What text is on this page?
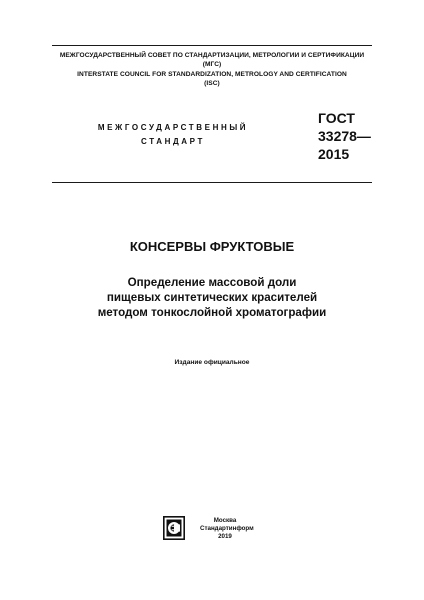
МЕЖГОСУДАРСТВЕННЫЙ СОВЕТ ПО СТАНДАРТИЗАЦИИ, МЕТРОЛОГИИ И СЕРТИФИКАЦИИ
(МГС)
INTERSTATE COUNCIL FOR STANDARDIZATION, METROLOGY AND CERTIFICATION
(ISC)
МЕЖГОСУДАРСТВЕННЫЙ
СТАНДАРТ
ГОСТ
33278—
2015
КОНСЕРВЫ ФРУКТОВЫЕ
Определение массовой доли
пищевых синтетических красителей
методом тонкослойной хроматографии
Издание официальное
Москва
Стандартинформ
2019
